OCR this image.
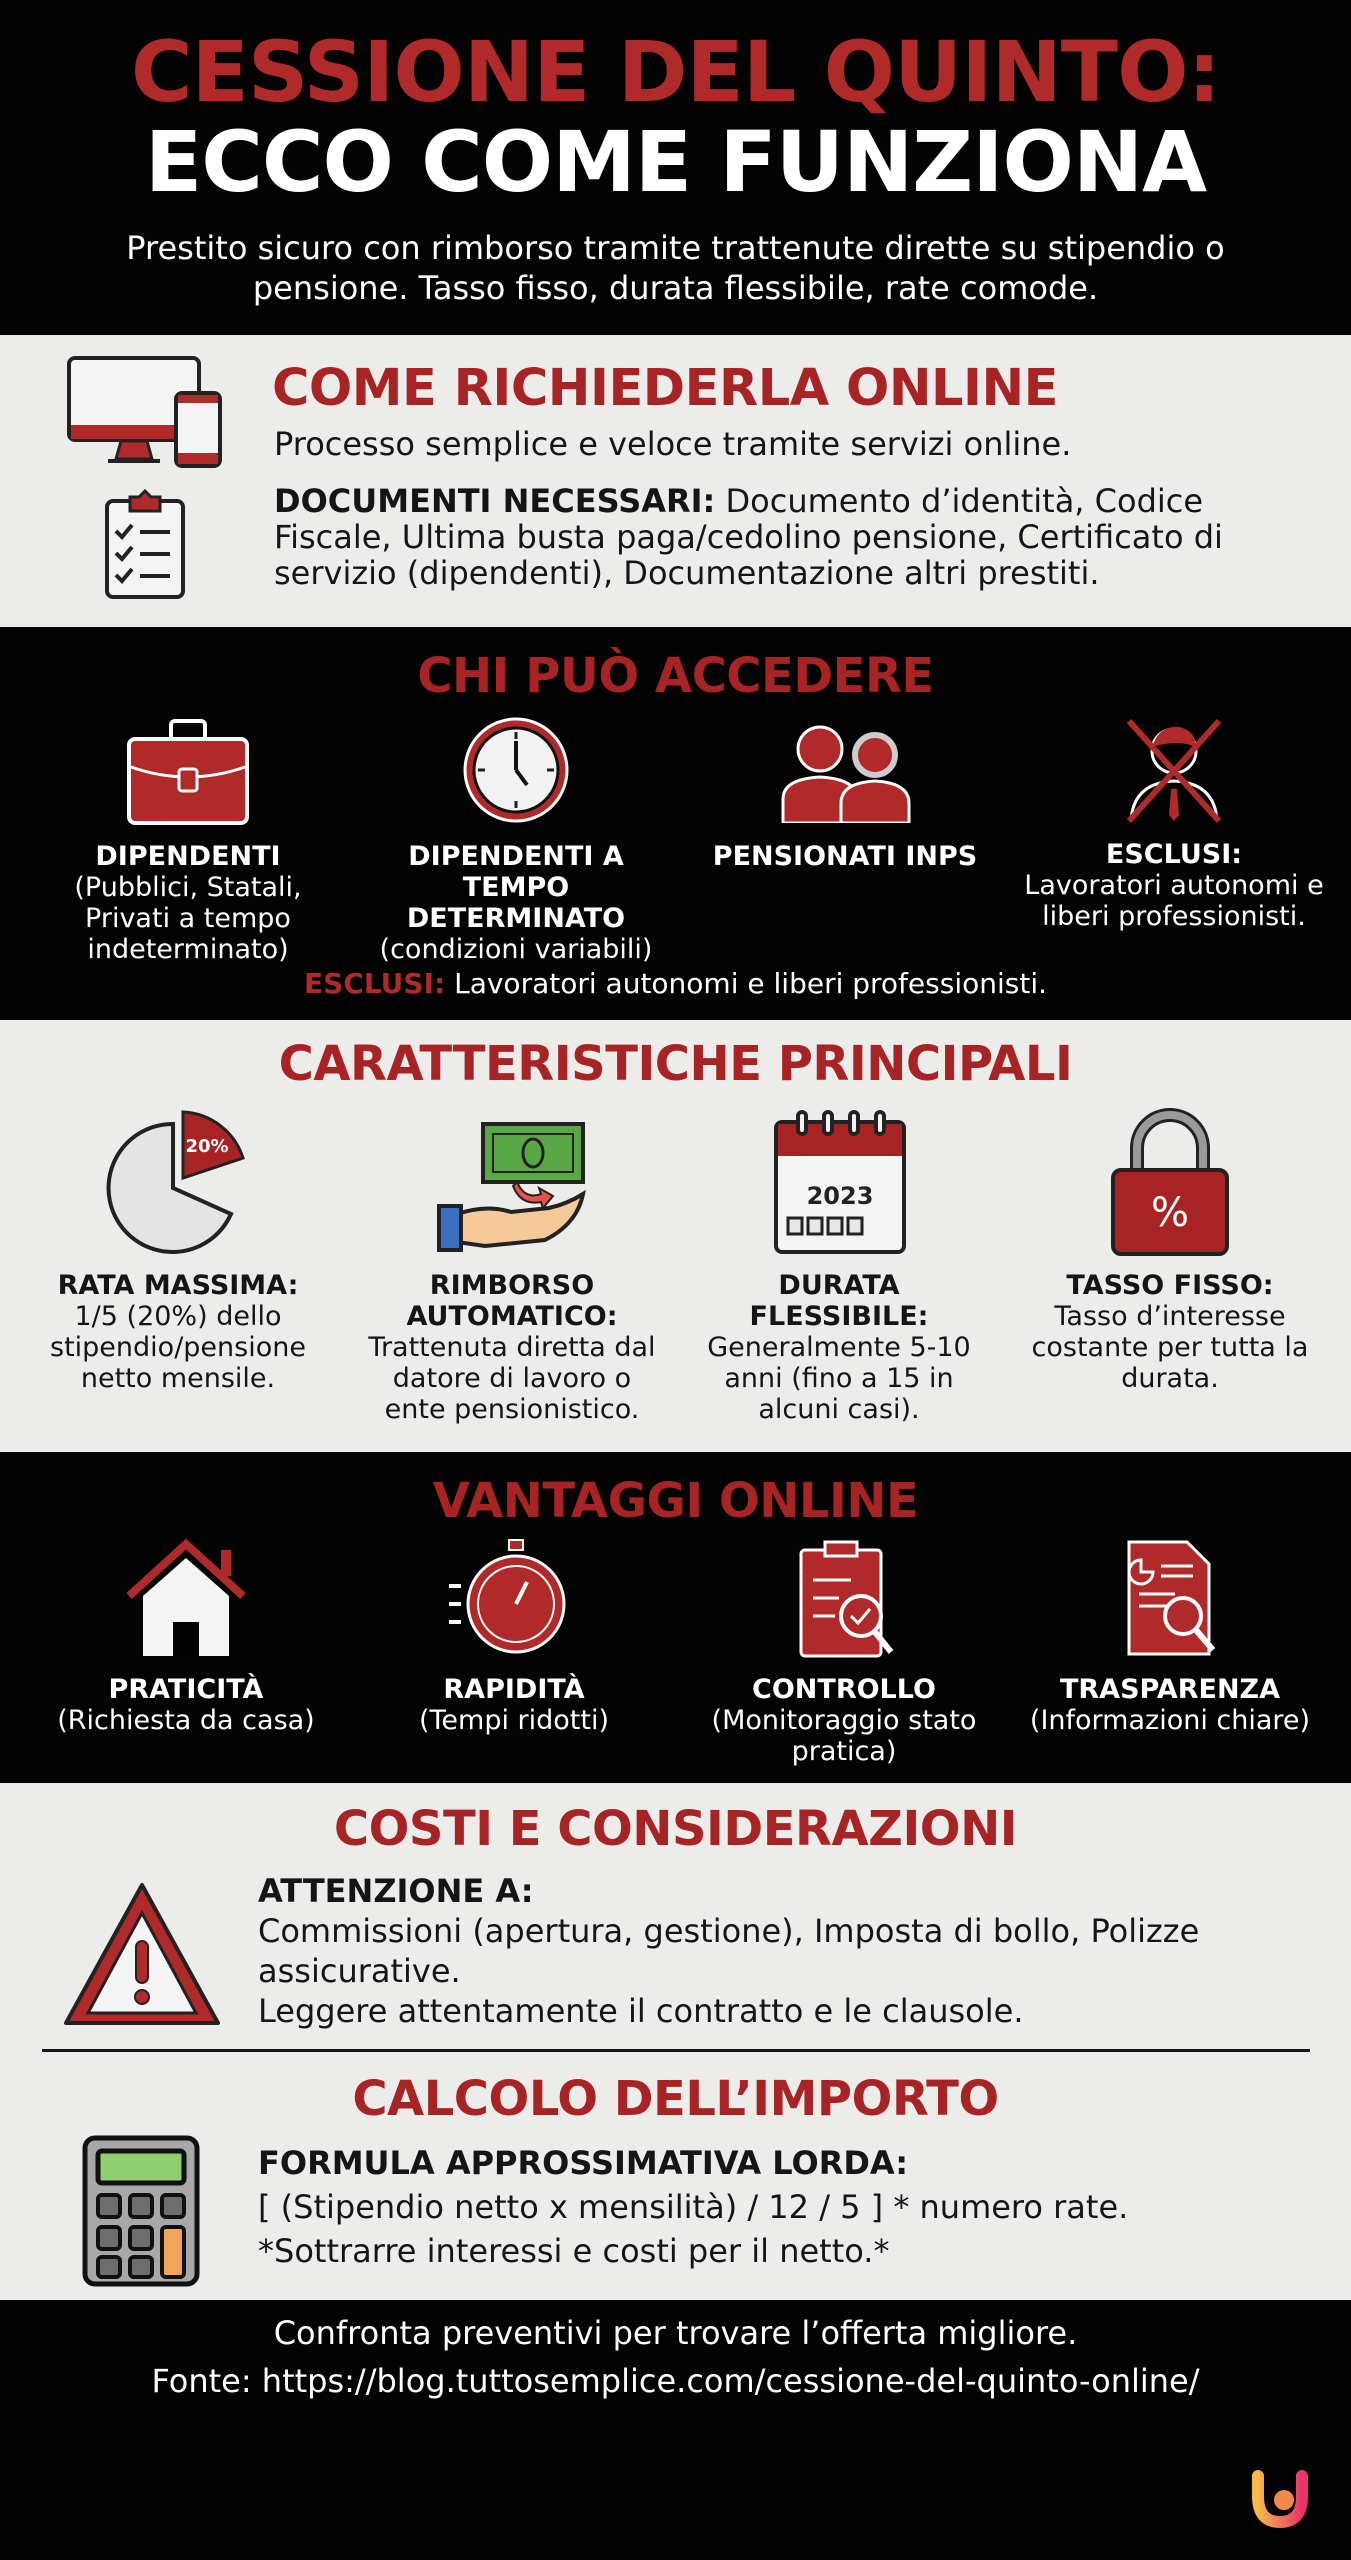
CESSIONE DEL QUINTO:
ECCO COME FUNZIONA

Prestito sicuro con rimborso tramite trattenute dirette su stipendio o pensione. Tasso fisso, durata flessibile, rate comode.

COME RICHIEDERLA ONLINE

Processo semplice e veloce tramite servizi online.

DOCUMENTI NECESSARI: Documento d’identità, Codice Fiscale, Ultima busta paga/cedolino pensione, Certificato di servizio (dipendenti), Documentazione altri prestiti.

CHI PUÒ ACCEDERE
DIPENDENTI
(Pubblici, Statali, Privati a tempo indeterminato)
DIPENDENTI A TEMPO DETERMINATO
(condizioni variabili)
PENSIONATI INPS	ESCLUSI:
Lavoratori autonomi e liberi professionisti.

ESCLUSI: Lavoratori autonomi e liberi professionisti.

CARATTERISTICHE PRINCIPALI
20%
RATA MASSIMA:
1/5 (20%) dello stipendio/pensione netto mensile.
RIMBORSO AUTOMATICO:
Trattenuta diretta dal datore di lavoro o ente pensionistico.
2023
DURATA FLESSIBILE:
Generalmente 5-10 anni (fino a 15 in alcuni casi).
%
TASSO FISSO:
Tasso d’interesse costante per tutta la durata.
VANTAGGI ONLINE
PRATICITÀ
(Richiesta da casa)
RAPIDITÀ
(Tempi ridotti)
CONTROLLO
(Monitoraggio stato pratica)
TRASPARENZA
(Informazioni chiare)
COSTI E CONSIDERAZIONI
ATTENZIONE A:
Commissioni (apertura, gestione), Imposta di bollo, Polizze assicurative.
Leggere attentamente il contratto e le clausole.
CALCOLO DELL’IMPORTO
FORMULA APPROSSIMATIVA LORDA:
[ (Stipendio netto x mensilità) / 12 / 5 ] * numero rate.
*Sottrarre interessi e costi per il netto.*

Confronta preventivi per trovare l’offerta migliore.

Fonte: https://blog.tuttosemplice.com/cessione-del-quinto-online/
